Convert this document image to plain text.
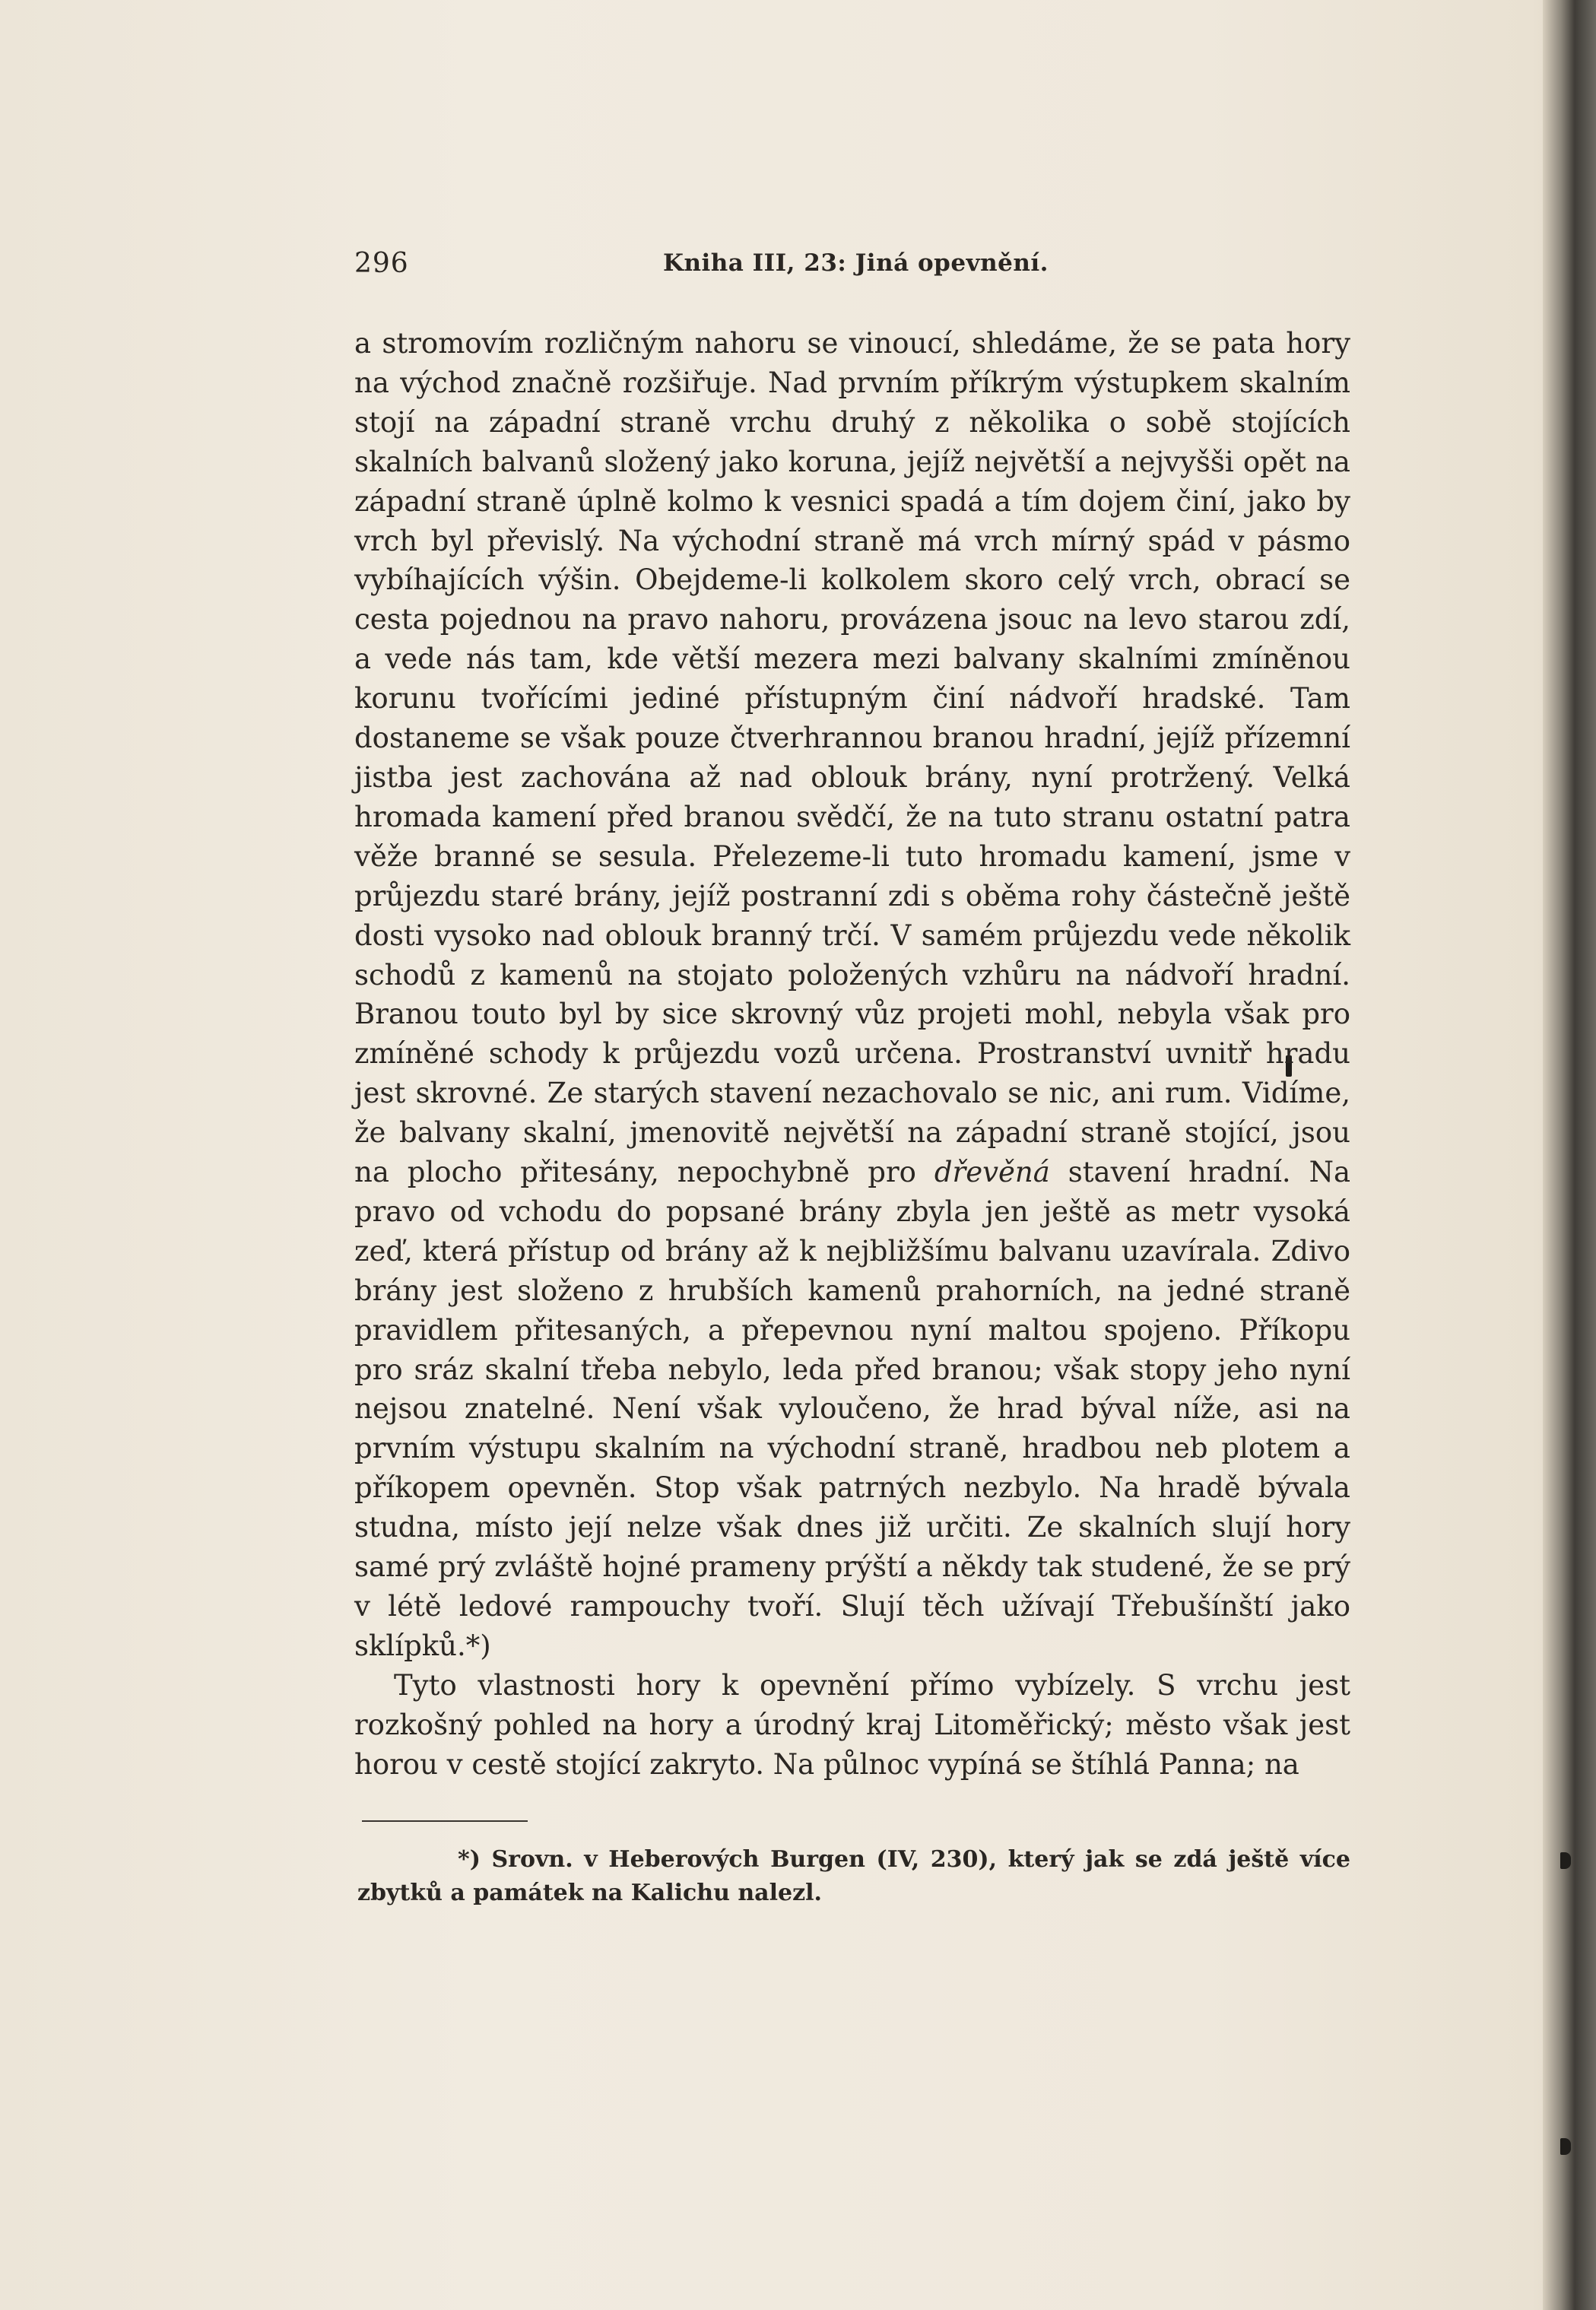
296	Kniha III, 23: Jiná opevnění.

a stromovím rozličným nahoru se vinoucí, shledáme, že se pata hory na východ značně rozšiřuje. Nad prvním příkrým výstupkem skalním stojí na západní straně vrchu druhý z několika o sobě stojících skalních balvanů složený jako koruna, jejíž největší a nejvyšši opět na západní straně úplně kolmo k vesnici spadá a tím dojem činí, jako by vrch byl převislý. Na východní straně má vrch mírný spád v pásmo vybíhajících výšin. Obejdeme-li kolkolem skoro celý vrch, obrací se cesta pojednou na pravo nahoru, provázena jsouc na levo starou zdí, a vede nás tam, kde větší mezera mezi balvany skalními zmíněnou korunu tvořícími jediné přístupným činí nádvoří hradské. Tam dostaneme se však pouze čtverhrannou branou hradní, jejíž přízemní jistba jest zachována až nad oblouk brány, nyní protržený. Velká hromada kamení před branou svědčí, že na tuto stranu ostatní patra věže branné se sesula. Přelezeme-li tuto hromadu kamení, jsme v průjezdu staré brány, jejíž postranní zdi s oběma rohy částečně ještě dosti vysoko nad oblouk branný trčí. V samém průjezdu vede několik schodů z kamenů na stojato položených vzhůru na nádvoří hradní. Branou touto byl by sice skrovný vůz projeti mohl, nebyla však pro zmíněné schody k průjezdu vozů určena. Prostranství uvnitř hradu jest skrovné. Ze starých stavení nezachovalo se nic, ani rum. Vidíme, že balvany skalní, jmenovitě největší na západní straně stojící, jsou na plocho přitesány, nepochybně pro dřevěná stavení hradní. Na pravo od vchodu do popsané brány zbyla jen ještě as metr vysoká zeď, která přístup od brány až k nejbližšímu balvanu uzavírala. Zdivo brány jest složeno z hrubších kamenů prahorních, na jedné straně pravidlem přitesaných, a přepevnou nyní maltou spojeno. Příkopu pro sráz skalní třeba nebylo, leda před branou; však stopy jeho nyní nejsou znatelné. Není však vyloučeno, že hrad býval níže, asi na prvním výstupu skalním na východní straně, hradbou neb plotem a příkopem opevněn. Stop však patrných nezbylo. Na hradě bývala studna, místo její nelze však dnes již určiti. Ze skalních slují hory samé prý zvláště hojné prameny prýští a někdy tak studené, že se prý v létě ledové rampouchy tvoří. Slují těch užívají Třebušínští jako sklípků.*)

Tyto vlastnosti hory k opevnění přímo vybízely. S vrchu jest rozkošný pohled na hory a úrodný kraj Litoměřický; město však jest horou v cestě stojící zakryto. Na půlnoc vypíná se štíhlá Panna; na

*) Srovn. v Heberových Burgen (IV, 230), který jak se zdá ještě více zbytků a památek na Kalichu nalezl.
